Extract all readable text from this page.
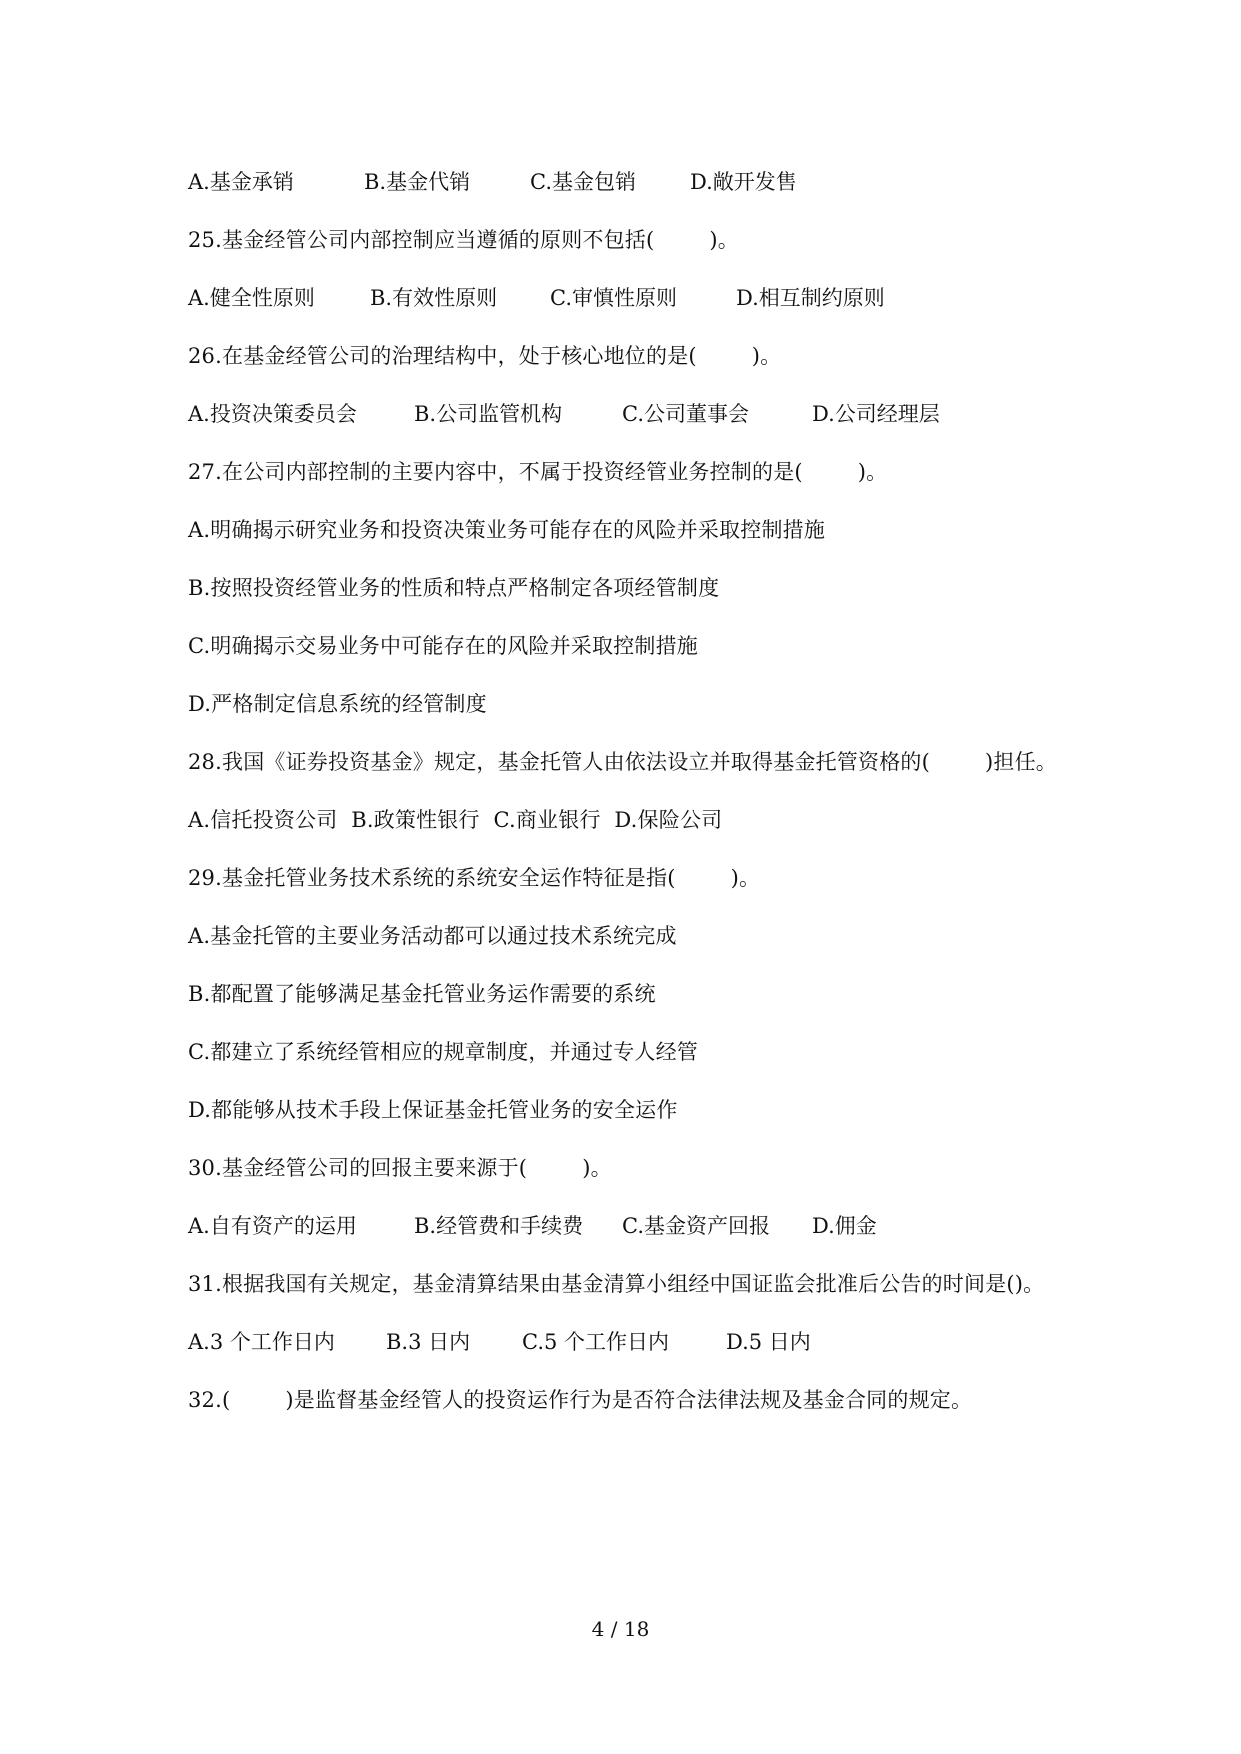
A.基金承销	B.基金代销	C.基金包销	D.敞开发售
25.基金经管公司内部控制应当遵循的原则不包括(        )。
A.健全性原则	B.有效性原则	C.审慎性原则	D.相互制约原则
26.在基金经管公司的治理结构中，处于核心地位的是(        )。
A.投资决策委员会	B.公司监管机构	C.公司董事会	D.公司经理层
27.在公司内部控制的主要内容中，不属于投资经管业务控制的是(        )。
A.明确揭示研究业务和投资决策业务可能存在的风险并采取控制措施
B.按照投资经管业务的性质和特点严格制定各项经管制度
C.明确揭示交易业务中可能存在的风险并采取控制措施
D.严格制定信息系统的经管制度
28.我国《证券投资基金》规定，基金托管人由依法设立并取得基金托管资格的(        )担任。
A.信托投资公司  B.政策性银行  C.商业银行  D.保险公司
29.基金托管业务技术系统的系统安全运作特征是指(        )。
A.基金托管的主要业务活动都可以通过技术系统完成
B.都配置了能够满足基金托管业务运作需要的系统
C.都建立了系统经管相应的规章制度，并通过专人经管
D.都能够从技术手段上保证基金托管业务的安全运作
30.基金经管公司的回报主要来源于(        )。
A.自有资产的运用	B.经管费和手续费 C.基金资产回报 D.佣金
31.根据我国有关规定，基金清算结果由基金清算小组经中国证监会批准后公告的时间是()。
A.3 个工作日内 B.3 日内 C.5 个工作日内	D.5 日内
32.(        )是监督基金经管人的投资运作行为是否符合法律法规及基金合同的规定。
4 / 18
